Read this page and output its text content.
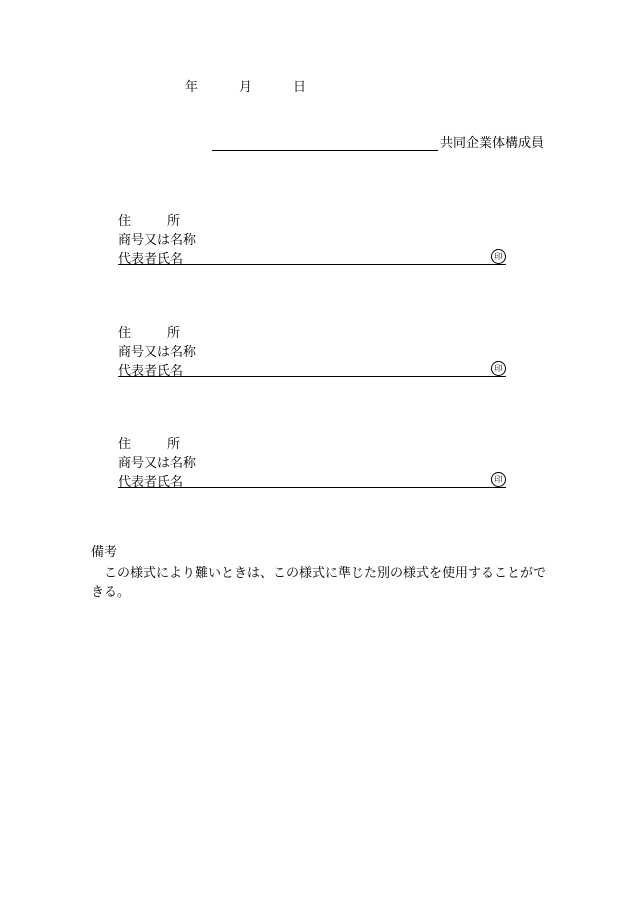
年	月	日
共同企業体構成員
住	所
商号又は名称
代表者氏名	印
住	所
商号又は名称
代表者氏名	印
住	所
商号又は名称
代表者氏名	印
備考
この様式により難いときは、この様式に準じた別の様式を使用することができる。
